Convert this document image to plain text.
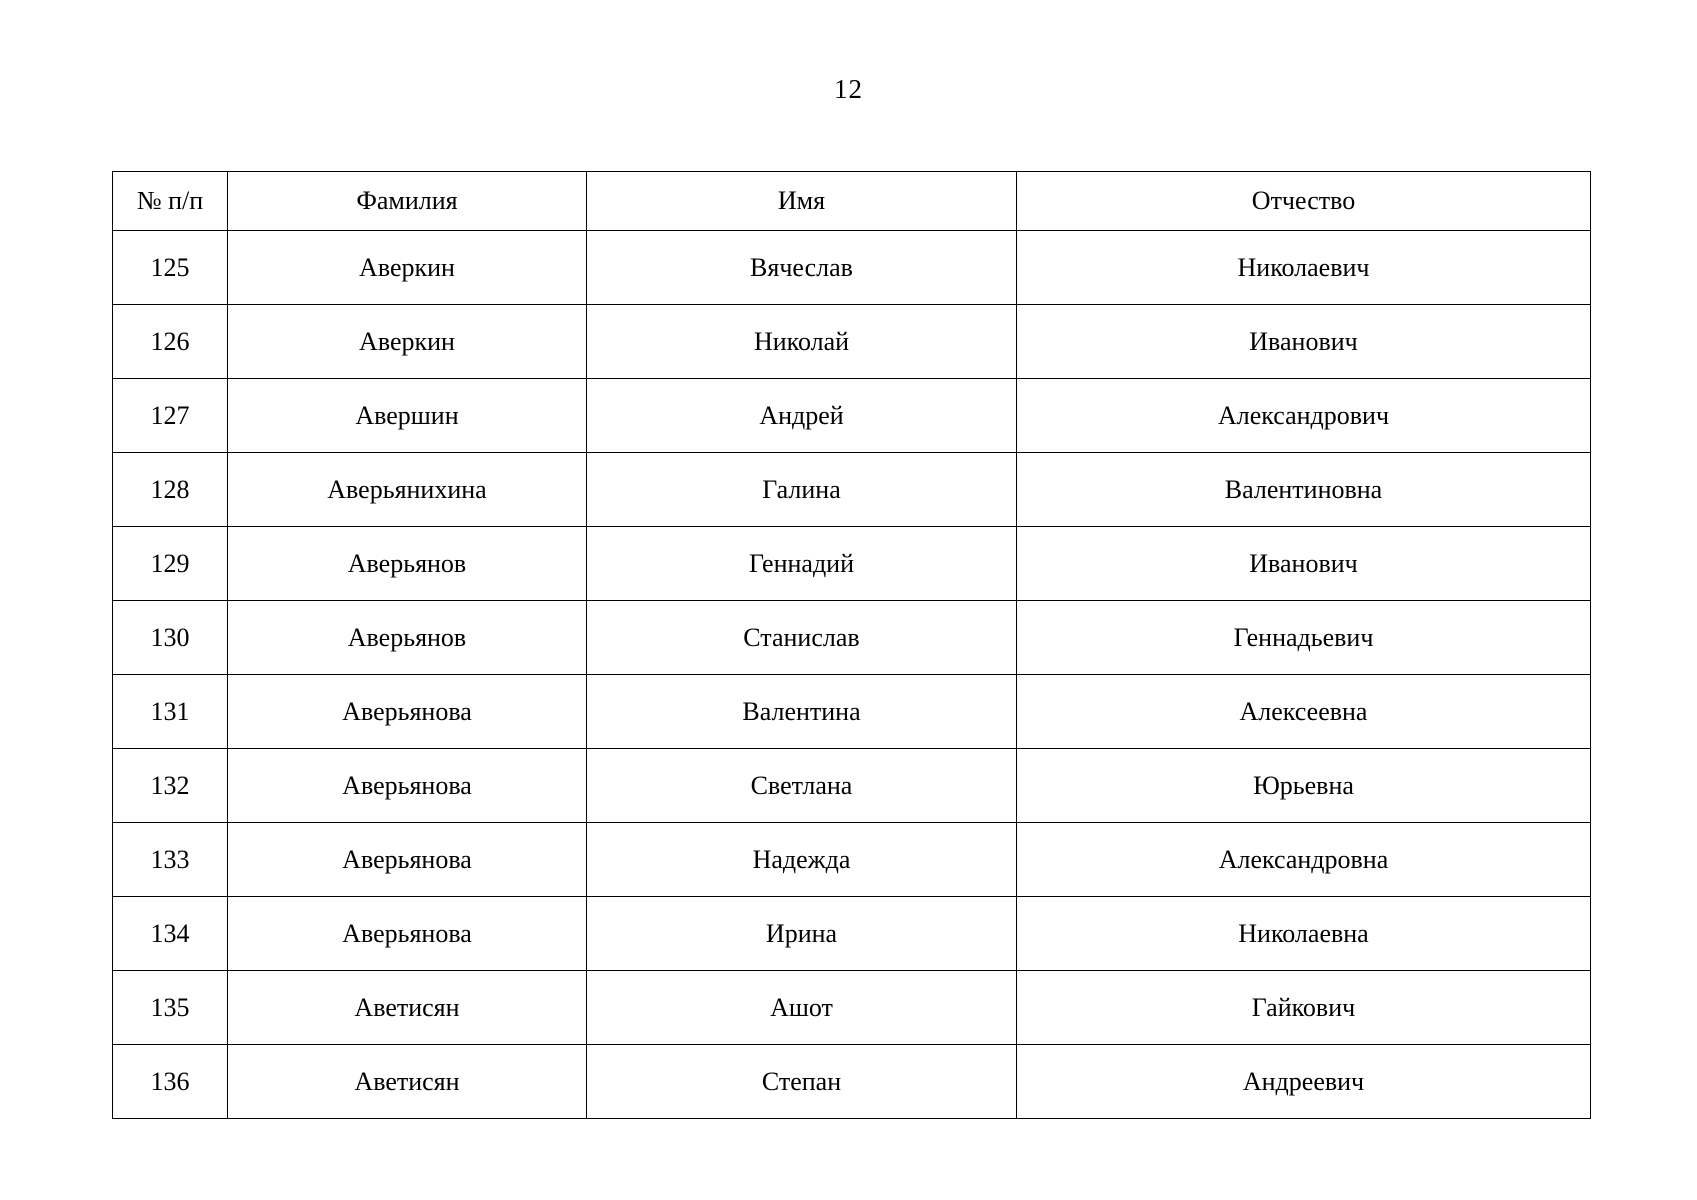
12
№ п/п	Фамилия	Имя	Отчество
125	Аверкин	Вячеслав	Николаевич
126	Аверкин	Николай	Иванович
127	Авершин	Андрей	Александрович
128	Аверьянихина	Галина	Валентиновна
129	Аверьянов	Геннадий	Иванович
130	Аверьянов	Станислав	Геннадьевич
131	Аверьянова	Валентина	Алексеевна
132	Аверьянова	Светлана	Юрьевна
133	Аверьянова	Надежда	Александровна
134	Аверьянова	Ирина	Николаевна
135	Аветисян	Ашот	Гайкович
136	Аветисян	Степан	Андреевич
